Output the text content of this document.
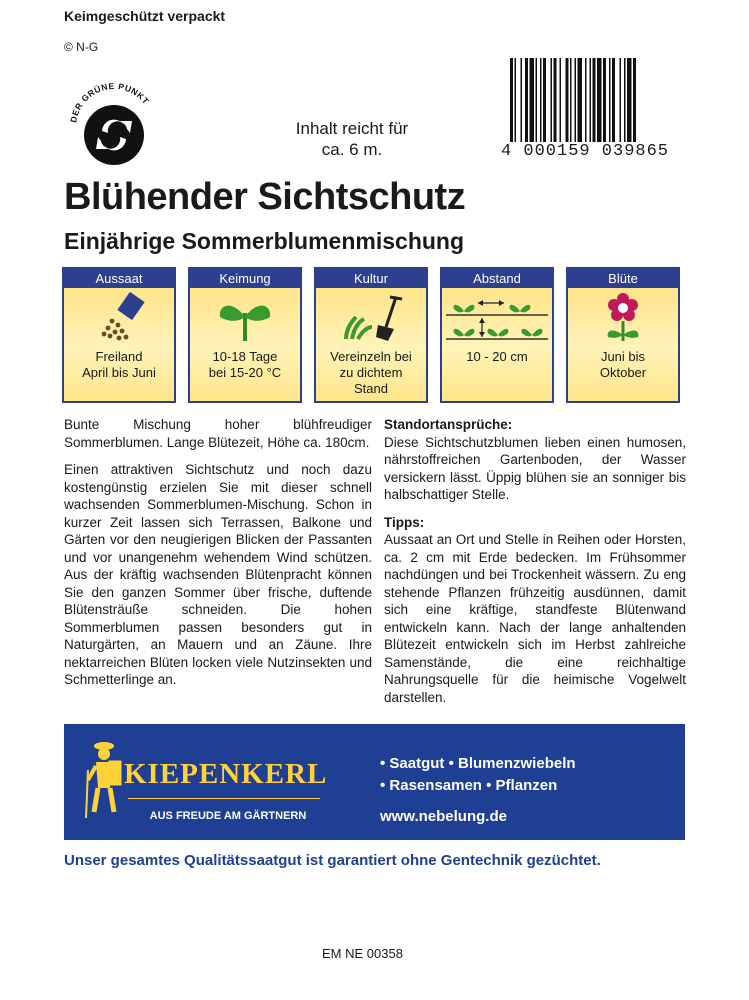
Keimgeschützt verpackt
© N-G
DER GRÜNE PUNKT
Inhalt reicht für
ca. 6 m.	4 000159 039865
Blühender Sichtschutz
Einjährige Sommerblumenmischung
Aussaat
Freiland
April bis Juni
Keimung
10-18 Tage
bei 15-20 °C
Kultur
Vereinzeln bei
zu dichtem
Stand
Abstand
10 - 20 cm
Blüte
Juni bis
Oktober

Bunte Mischung hoher blühfreudiger Sommerblumen. Lange Blütezeit, Höhe ca. 180cm.

Einen attraktiven Sichtschutz und noch dazu kostengünstig erzielen Sie mit dieser schnell wachsenden Sommerblumen-Mischung. Schon in kurzer Zeit lassen sich Terrassen, Balkone und Gärten vor den neugierigen Blicken der Passanten und vor unangenehm wehendem Wind schützen. Aus der kräftig wachsenden Blütenpracht können Sie den ganzen Sommer über frische, duftende Blütensträuße schneiden. Die hohen Sommerblumen passen besonders gut in Naturgärten, an Mauern und an Zäune. Ihre nektarreichen Blüten locken viele Nutzinsekten und Schmetterlinge an.

Standortansprüche:

Diese Sichtschutzblumen lieben einen humosen, nährstoffreichen Gartenboden, der Wasser versickern lässt. Üppig blühen sie an sonniger bis halbschattiger Stelle.

Tipps:

Aussaat an Ort und Stelle in Reihen oder Horsten, ca. 2 cm mit Erde bedecken. Im Frühsommer nachdüngen und bei Trockenheit wässern. Zu eng stehende Pflanzen frühzeitig ausdünnen, damit sich eine kräftige, standfeste Blütenwand entwickeln kann. Nach der lange anhaltenden Blütezeit entwickeln sich im Herbst zahlreiche Samenstände, die eine reichhaltige Nahrungsquelle für die heimische Vogelwelt darstellen.

KIEPENKERL
AUS FREUDE AM GÄRTNERN
• Saatgut • Blumenzwiebeln
• Rasensamen • Pflanzen
www.nebelung.de
Unser gesamtes Qualitätssaatgut ist garantiert ohne Gentechnik gezüchtet.
EM NE 00358
